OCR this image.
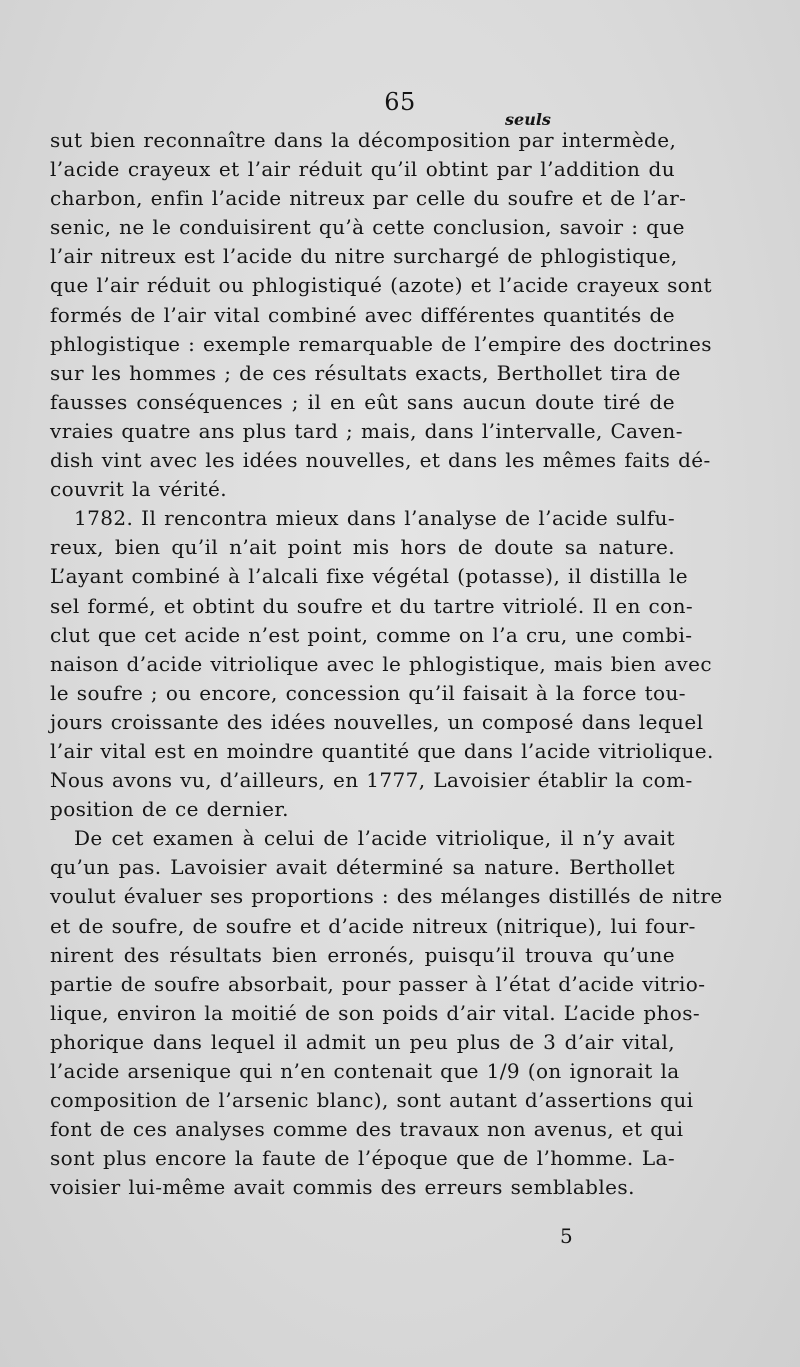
65
seuls
sut bien reconnaître dans la décomposition par intermède,
l’acide crayeux et l’air réduit qu’il obtint par l’addition du
charbon, enfin l’acide nitreux par celle du soufre et de l’ar-
senic, ne le conduisirent qu’à cette conclusion, savoir : que
l’air nitreux est l’acide du nitre surchargé de phlogistique,
que l’air réduit ou phlogistiqué (azote) et l’acide crayeux sont
formés de l’air vital combiné avec différentes quantités de
phlogistique : exemple remarquable de l’empire des doctrines
sur les hommes ; de ces résultats exacts, Berthollet tira de
fausses conséquences ; il en eût sans aucun doute tiré de
vraies quatre ans plus tard ; mais, dans l’intervalle, Caven-
dish vint avec les idées nouvelles, et dans les mêmes faits dé-
couvrit la vérité.
1782. Il rencontra mieux dans l’analyse de l’acide sulfu-
reux, bien qu’il n’ait point mis hors de doute sa nature.
L’ayant combiné à l’alcali fixe végétal (potasse), il distilla le
sel formé, et obtint du soufre et du tartre vitriolé. Il en con-
clut que cet acide n’est point, comme on l’a cru, une combi-
naison d’acide vitriolique avec le phlogistique, mais bien avec
le soufre ; ou encore, concession qu’il faisait à la force tou-
jours croissante des idées nouvelles, un composé dans lequel
l’air vital est en moindre quantité que dans l’acide vitriolique.
Nous avons vu, d’ailleurs, en 1777, Lavoisier établir la com-
position de ce dernier.
De cet examen à celui de l’acide vitriolique, il n’y avait
qu’un pas. Lavoisier avait déterminé sa nature. Berthollet
voulut évaluer ses proportions : des mélanges distillés de nitre
et de soufre, de soufre et d’acide nitreux (nitrique), lui four-
nirent des résultats bien erronés, puisqu’il trouva qu’une
partie de soufre absorbait, pour passer à l’état d’acide vitrio-
lique, environ la moitié de son poids d’air vital. L’acide phos-
phorique dans lequel il admit un peu plus de 3 d’air vital,
l’acide arsenique qui n’en contenait que 1/9 (on ignorait la
composition de l’arsenic blanc), sont autant d’assertions qui
font de ces analyses comme des travaux non avenus, et qui
sont plus encore la faute de l’époque que de l’homme. La-
voisier lui-même avait commis des erreurs semblables.
5
